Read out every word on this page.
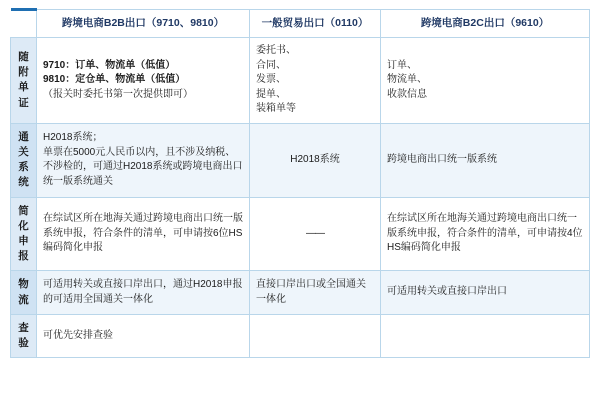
	跨境电商B2B出口（9710、9810）	一般贸易出口（0110）	跨境电商B2C出口（9610）
随附单证	9710：订单、物流单（低值）
9810：定仓单、物流单（低值）
（报关时委托书第一次提供即可）	委托书、
合同、
发票、
提单、
装箱单等	订单、
物流单、
收款信息

通关系统	H2018系统；
单票在5000元人民币以内，且不涉及纳税、不涉检的，可通过H2018系统或跨境电商出口统一版系统通关	H2018系统	跨境电商出口统一版系统
简化申报	在综试区所在地海关通过跨境电商出口统一版系统申报，符合条件的清单，可申请按6位HS编码简化申报	——	在综试区所在地海关通过跨境电商出口统一版系统申报，符合条件的清单，可申请按4位HS编码简化申报
物流	可适用转关或直接口岸出口，通过H2018申报的可适用全国通关一体化	直接口岸出口或全国通关一体化	可适用转关或直接口岸出口
查验	可优先安排查验		
